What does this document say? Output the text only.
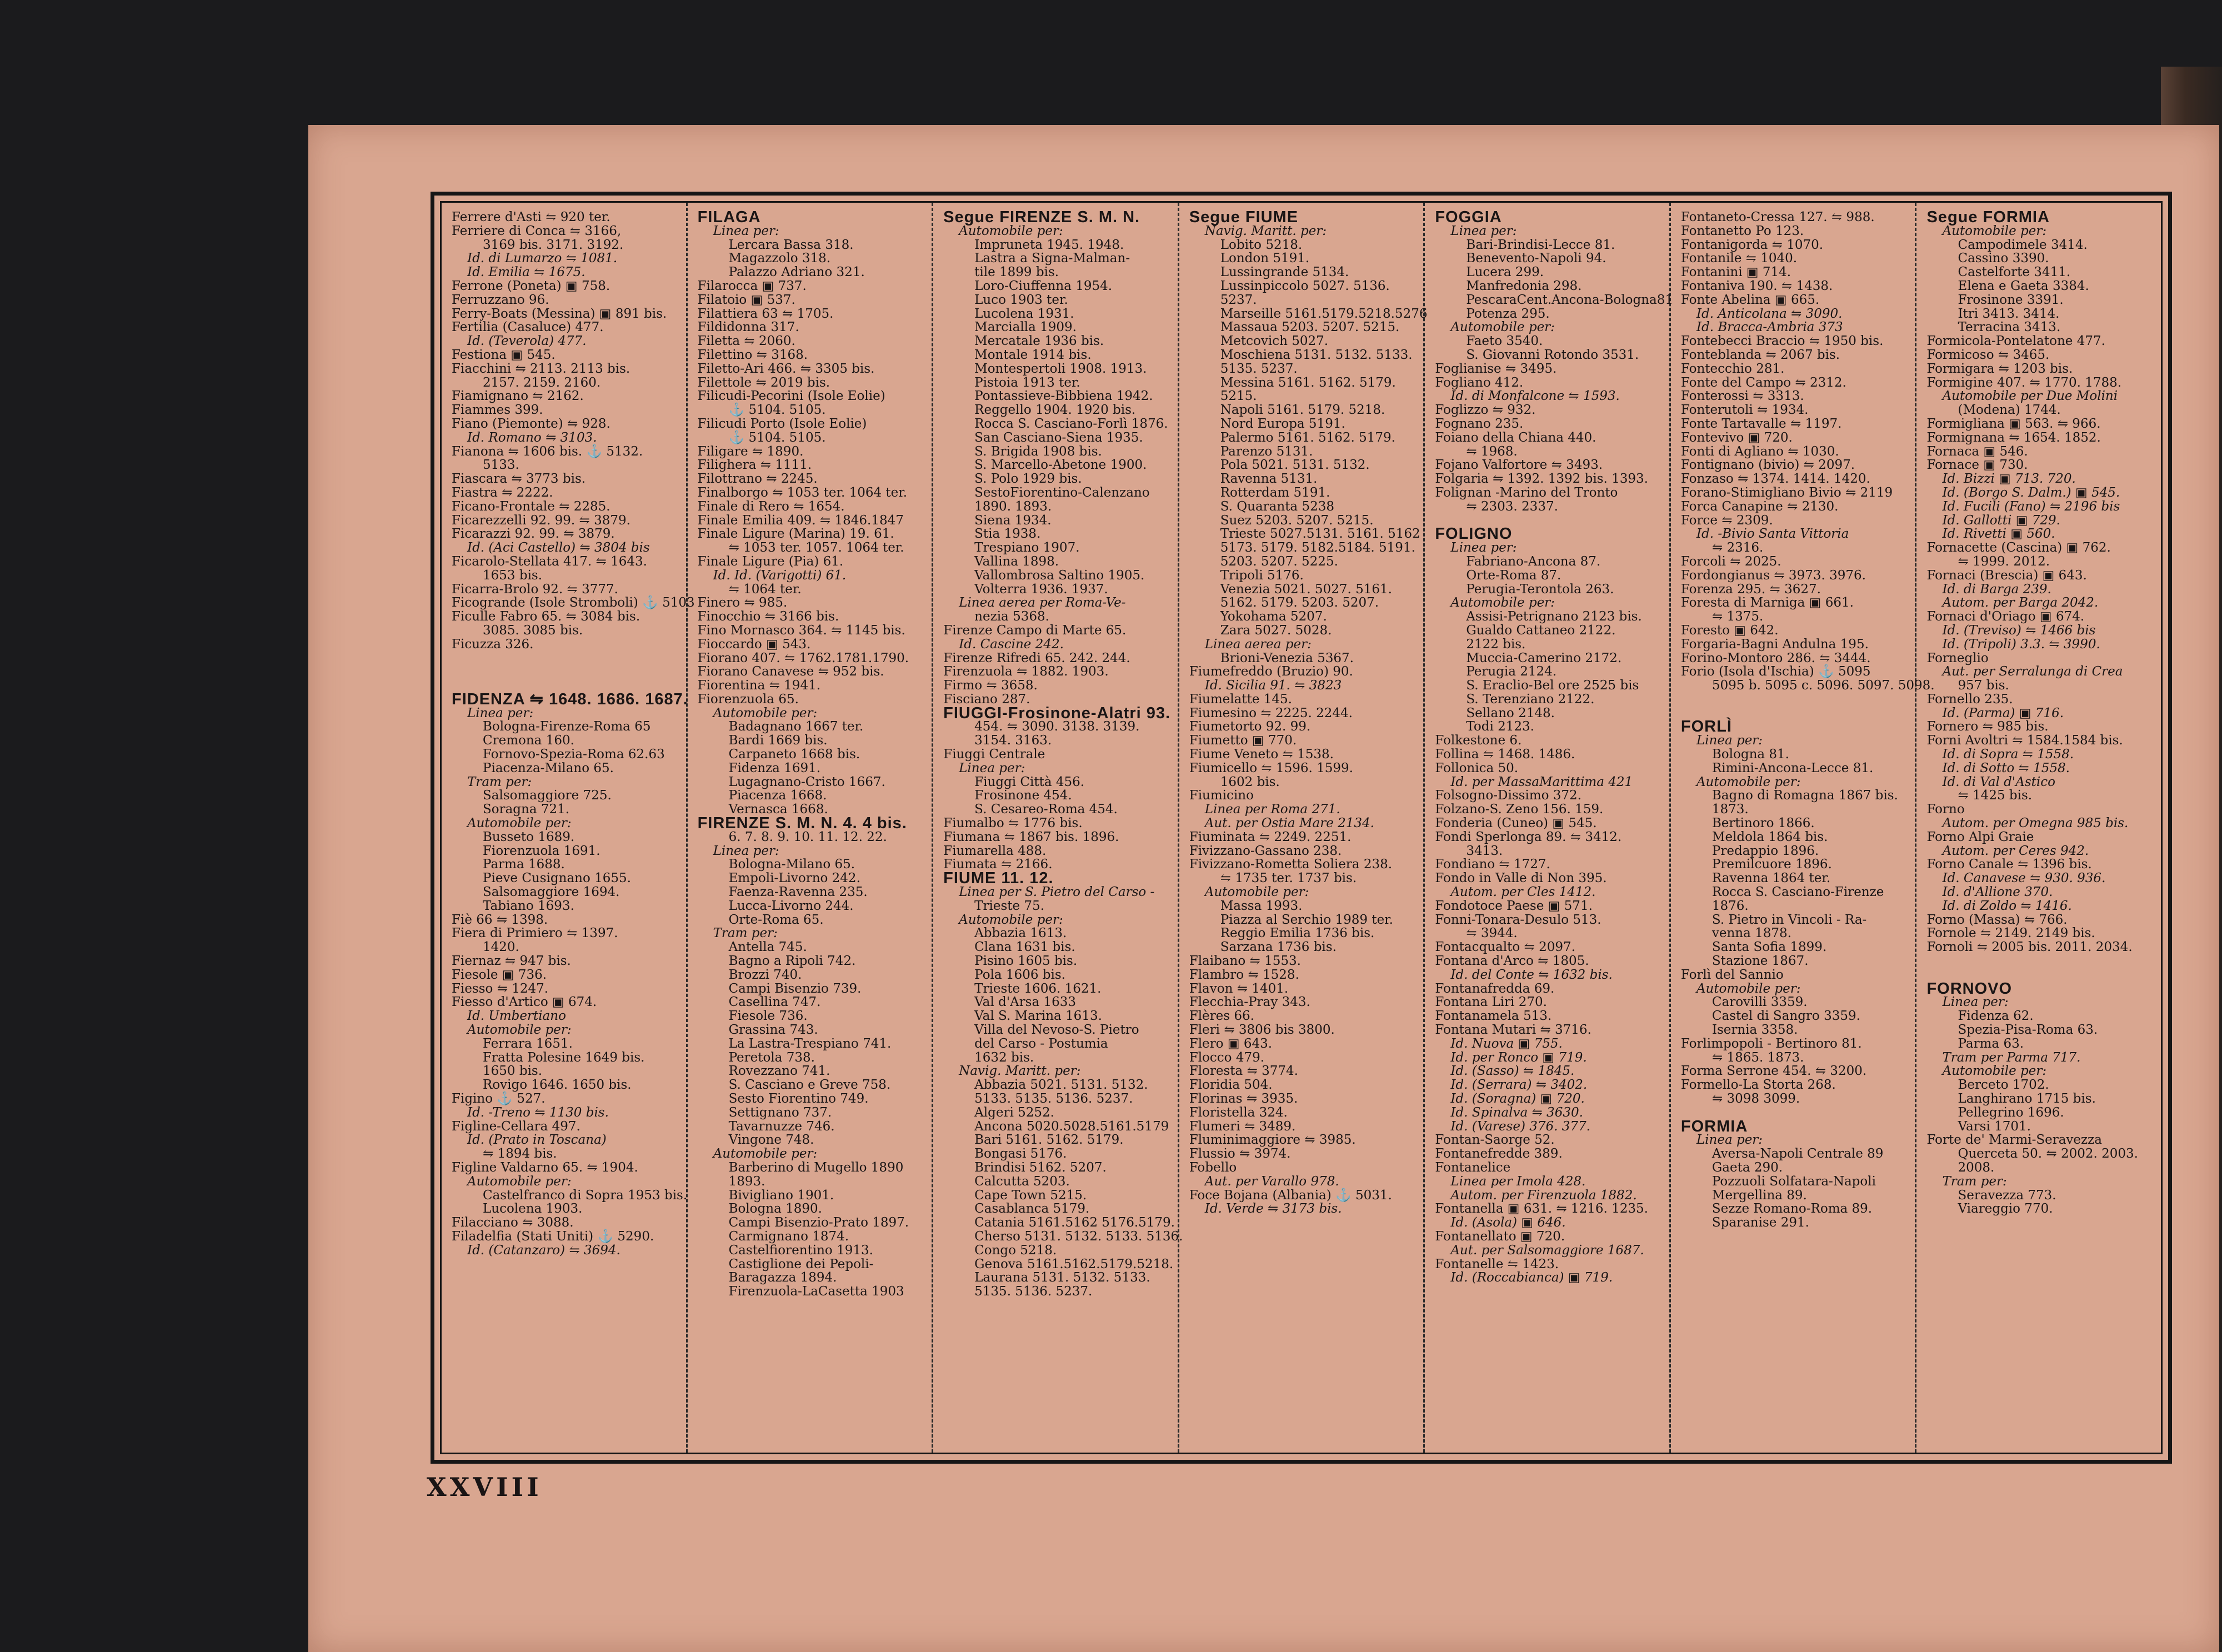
Ferrere d'Asti ⇋ 920 ter.
Ferriere di Conca ⇋ 3166,
3169 bis. 3171. 3192.
Id. di Lumarzo ⇋ 1081.
Id. Emilia ⇋ 1675.
Ferrone (Poneta) ▣ 758.
Ferruzzano 96.
Ferry-Boats (Messina) ▣ 891 bis.
Fertilia (Casaluce) 477.
Id. (Teverola) 477.
Festiona ▣ 545.
Fiacchini ⇋ 2113. 2113 bis.
2157. 2159. 2160.
Fiamignano ⇋ 2162.
Fiammes 399.
Fiano (Piemonte) ⇋ 928.
Id. Romano ⇋ 3103.
Fianona ⇋ 1606 bis. ⚓ 5132.
5133.
Fiascara ⇋ 3773 bis.
Fiastra ⇋ 2222.
Ficano-Frontale ⇋ 2285.
Ficarezzelli 92. 99. ⇋ 3879.
Ficarazzi 92. 99. ⇋ 3879.
Id. (Aci Castello) ⇋ 3804 bis
Ficarolo-Stellata 417. ⇋ 1643.
1653 bis.
Ficarra-Brolo 92. ⇋ 3777.
Ficogrande (Isole Stromboli) ⚓ 5103
Ficulle Fabro 65. ⇋ 3084 bis.
3085. 3085 bis.
Ficuzza 326.
FIDENZA ⇋ 1648. 1686. 1687.
Linea per:
Bologna-Firenze-Roma 65
Cremona 160.
Fornovo-Spezia-Roma 62.63
Piacenza-Milano 65.
Tram per:
Salsomaggiore 725.
Soragna 721.
Automobile per:
Busseto 1689.
Fiorenzuola 1691.
Parma 1688.
Pieve Cusignano 1655.
Salsomaggiore 1694.
Tabiano 1693.
Fiè 66 ⇋ 1398.
Fiera di Primiero ⇋ 1397.
1420.
Fiernaz ⇋ 947 bis.
Fiesole ▣ 736.
Fiesso ⇋ 1247.
Fiesso d'Artico ▣ 674.
Id. Umbertiano
Automobile per:
Ferrara 1651.
Fratta Polesine 1649 bis.
1650 bis.
Rovigo 1646. 1650 bis.
Figino ⚓ 527.
Id. -Treno ⇋ 1130 bis.
Figline-Cellara 497.
Id. (Prato in Toscana)
⇋ 1894 bis.
Figline Valdarno 65. ⇋ 1904.
Automobile per:
Castelfranco di Sopra 1953 bis.
Lucolena 1903.
Filacciano ⇋ 3088.
Filadelfia (Stati Uniti) ⚓ 5290.
Id. (Catanzaro) ⇋ 3694.
FILAGA
Linea per:
Lercara Bassa 318.
Magazzolo 318.
Palazzo Adriano 321.
Filarocca ▣ 737.
Filatoio ▣ 537.
Filattiera 63 ⇋ 1705.
Fildidonna 317.
Filetta ⇋ 2060.
Filettino ⇋ 3168.
Filetto-Ari 466. ⇋ 3305 bis.
Filettole ⇋ 2019 bis.
Filicudi-Pecorini (Isole Eolie)
⚓ 5104. 5105.
Filicudi Porto (Isole Eolie)
⚓ 5104. 5105.
Filigare ⇋ 1890.
Filighera ⇋ 1111.
Filottrano ⇋ 2245.
Finalborgo ⇋ 1053 ter. 1064 ter.
Finale di Rero ⇋ 1654.
Finale Emilia 409. ⇋ 1846.1847
Finale Ligure (Marina) 19. 61.
⇋ 1053 ter. 1057. 1064 ter.
Finale Ligure (Pia) 61.
Id. Id. (Varigotti) 61.
⇋ 1064 ter.
Finero ⇋ 985.
Finocchio ⇋ 3166 bis.
Fino Mornasco 364. ⇋ 1145 bis.
Fioccardo ▣ 543.
Fiorano 407. ⇋ 1762.1781.1790.
Fiorano Canavese ⇋ 952 bis.
Fiorentina ⇋ 1941.
Fiorenzuola 65.
Automobile per:
Badagnano 1667 ter.
Bardi 1669 bis.
Carpaneto 1668 bis.
Fidenza 1691.
Lugagnano-Cristo 1667.
Piacenza 1668.
Vernasca 1668.
FIRENZE S. M. N. 4. 4 bis.
6. 7. 8. 9. 10. 11. 12. 22.
Linea per:
Bologna-Milano 65.
Empoli-Livorno 242.
Faenza-Ravenna 235.
Lucca-Livorno 244.
Orte-Roma 65.
Tram per:
Antella 745.
Bagno a Ripoli 742.
Brozzi 740.
Campi Bisenzio 739.
Casellina 747.
Fiesole 736.
Grassina 743.
La Lastra-Trespiano 741.
Peretola 738.
Rovezzano 741.
S. Casciano e Greve 758.
Sesto Fiorentino 749.
Settignano 737.
Tavarnuzze 746.
Vingone 748.
Automobile per:
Barberino di Mugello 1890
1893.
Bivigliano 1901.
Bologna 1890.
Campi Bisenzio-Prato 1897.
Carmignano 1874.
Castelfiorentino 1913.
Castiglione dei Pepoli-
Baragazza 1894.
Firenzuola-LaCasetta 1903
Segue FIRENZE S. M. N.
Automobile per:
Impruneta 1945. 1948.
Lastra a Signa-Malman-
tile 1899 bis.
Loro-Ciuffenna 1954.
Luco 1903 ter.
Lucolena 1931.
Marcialla 1909.
Mercatale 1936 bis.
Montale 1914 bis.
Montespertoli 1908. 1913.
Pistoia 1913 ter.
Pontassieve-Bibbiena 1942.
Reggello 1904. 1920 bis.
Rocca S. Casciano-Forlì 1876.
San Casciano-Siena 1935.
S. Brigida 1908 bis.
S. Marcello-Abetone 1900.
S. Polo 1929 bis.
SestoFiorentino-Calenzano
1890. 1893.
Siena 1934.
Stia 1938.
Trespiano 1907.
Vallina 1898.
Vallombrosa Saltino 1905.
Volterra 1936. 1937.
Linea aerea per Roma-Ve-
nezia 5368.
Firenze Campo di Marte 65.
Id. Cascine 242.
Firenze Rifredi 65. 242. 244.
Firenzuola ⇋ 1882. 1903.
Firmo ⇋ 3658.
Fisciano 287.
FIUGGI-Frosinone-Alatri 93.
454. ⇋ 3090. 3138. 3139.
3154. 3163.
Fiuggi Centrale
Linea per:
Fiuggi Città 456.
Frosinone 454.
S. Cesareo-Roma 454.
Fiumalbo ⇋ 1776 bis.
Fiumana ⇋ 1867 bis. 1896.
Fiumarella 488.
Fiumata ⇋ 2166.
FIUME 11. 12.
Linea per S. Pietro del Carso -
Trieste 75.
Automobile per:
Abbazia 1613.
Clana 1631 bis.
Pisino 1605 bis.
Pola 1606 bis.
Trieste 1606. 1621.
Val d'Arsa 1633
Val S. Marina 1613.
Villa del Nevoso-S. Pietro
del Carso - Postumia
1632 bis.
Navig. Maritt. per:
Abbazia 5021. 5131. 5132.
5133. 5135. 5136. 5237.
Algeri 5252.
Ancona 5020.5028.5161.5179
Bari 5161. 5162. 5179.
Bongasi 5176.
Brindisi 5162. 5207.
Calcutta 5203.
Cape Town 5215.
Casablanca 5179.
Catania 5161.5162 5176.5179.
Cherso 5131. 5132. 5133. 5136.
Congo 5218.
Genova 5161.5162.5179.5218.
Laurana 5131. 5132. 5133.
5135. 5136. 5237.
Segue FIUME
Navig. Maritt. per:
Lobito 5218.
London 5191.
Lussingrande 5134.
Lussinpiccolo 5027. 5136.
5237.
Marseille 5161.5179.5218.5276
Massaua 5203. 5207. 5215.
Metcovich 5027.
Moschiena 5131. 5132. 5133.
5135. 5237.
Messina 5161. 5162. 5179.
5215.
Napoli 5161. 5179. 5218.
Nord Europa 5191.
Palermo 5161. 5162. 5179.
Parenzo 5131.
Pola 5021. 5131. 5132.
Ravenna 5131.
Rotterdam 5191.
S. Quaranta 5238
Suez 5203. 5207. 5215.
Trieste 5027.5131. 5161. 5162
5173. 5179. 5182.5184. 5191.
5203. 5207. 5225.
Tripoli 5176.
Venezia 5021. 5027. 5161.
5162. 5179. 5203. 5207.
Yokohama 5207.
Zara 5027. 5028.
Linea aerea per:
Brioni-Venezia 5367.
Fiumefreddo (Bruzio) 90.
Id. Sicilia 91. ⇋ 3823
Fiumelatte 145.
Fiumesino ⇋ 2225. 2244.
Fiumetorto 92. 99.
Fiumetto ▣ 770.
Fiume Veneto ⇋ 1538.
Fiumicello ⇋ 1596. 1599.
1602 bis.
Fiumicino
Linea per Roma 271.
Aut. per Ostia Mare 2134.
Fiuminata ⇋ 2249. 2251.
Fivizzano-Gassano 238.
Fivizzano-Rometta Soliera 238.
⇋ 1735 ter. 1737 bis.
Automobile per:
Massa 1993.
Piazza al Serchio 1989 ter.
Reggio Emilia 1736 bis.
Sarzana 1736 bis.
Flaibano ⇋ 1553.
Flambro ⇋ 1528.
Flavon ⇋ 1401.
Flecchia-Pray 343.
Flères 66.
Fleri ⇋ 3806 bis 3800.
Flero ▣ 643.
Flocco 479.
Floresta ⇋ 3774.
Floridia 504.
Florinas ⇋ 3935.
Floristella 324.
Flumeri ⇋ 3489.
Fluminimaggiore ⇋ 3985.
Flussio ⇋ 3974.
Fobello
Aut. per Varallo 978.
Foce Bojana (Albania) ⚓ 5031.
Id. Verde ⇋ 3173 bis.
FOGGIA
Linea per:
Bari-Brindisi-Lecce 81.
Benevento-Napoli 94.
Lucera 299.
Manfredonia 298.
PescaraCent.Ancona-Bologna81
Potenza 295.
Automobile per:
Faeto 3540.
S. Giovanni Rotondo 3531.
Foglianise ⇋ 3495.
Fogliano 412.
Id. di Monfalcone ⇋ 1593.
Foglizzo ⇋ 932.
Fognano 235.
Foiano della Chiana 440.
⇋ 1968.
Fojano Valfortore ⇋ 3493.
Folgaria ⇋ 1392. 1392 bis. 1393.
Folignan -Marino del Tronto
⇋ 2303. 2337.
FOLIGNO
Linea per:
Fabriano-Ancona 87.
Orte-Roma 87.
Perugia-Terontola 263.
Automobile per:
Assisi-Petrignano 2123 bis.
Gualdo Cattaneo 2122.
2122 bis.
Muccia-Camerino 2172.
Perugia 2124.
S. Eraclio-Bel ore 2525 bis
S. Terenziano 2122.
Sellano 2148.
Todi 2123.
Folkestone 6.
Follina ⇋ 1468. 1486.
Follonica 50.
Id. per MassaMarittima 421
Folsogno-Dissimo 372.
Folzano-S. Zeno 156. 159.
Fonderia (Cuneo) ▣ 545.
Fondi Sperlonga 89. ⇋ 3412.
3413.
Fondiano ⇋ 1727.
Fondo in Valle di Non 395.
Autom. per Cles 1412.
Fondotoce Paese ▣ 571.
Fonni-Tonara-Desulo 513.
⇋ 3944.
Fontacqualto ⇋ 2097.
Fontana d'Arco ⇋ 1805.
Id. del Conte ⇋ 1632 bis.
Fontanafredda 69.
Fontana Liri 270.
Fontanamela 513.
Fontana Mutari ⇋ 3716.
Id. Nuova ▣ 755.
Id. per Ronco ▣ 719.
Id. (Sasso) ⇋ 1845.
Id. (Serrara) ⇋ 3402.
Id. (Soragna) ▣ 720.
Id. Spinalva ⇋ 3630.
Id. (Varese) 376. 377.
Fontan-Saorge 52.
Fontanefredde 389.
Fontanelice
Linea per Imola 428.
Autom. per Firenzuola 1882.
Fontanella ▣ 631. ⇋ 1216. 1235.
Id. (Asola) ▣ 646.
Fontanellato ▣ 720.
Aut. per Salsomaggiore 1687.
Fontanelle ⇋ 1423.
Id. (Roccabianca) ▣ 719.
Fontaneto-Cressa 127. ⇋ 988.
Fontanetto Po 123.
Fontanigorda ⇋ 1070.
Fontanile ⇋ 1040.
Fontanini ▣ 714.
Fontaniva 190. ⇋ 1438.
Fonte Abelina ▣ 665.
Id. Anticolana ⇋ 3090.
Id. Bracca-Ambria 373
Fontebecci Braccio ⇋ 1950 bis.
Fonteblanda ⇋ 2067 bis.
Fontecchio 281.
Fonte del Campo ⇋ 2312.
Fonterossi ⇋ 3313.
Fonterutoli ⇋ 1934.
Fonte Tartavalle ⇋ 1197.
Fontevivo ▣ 720.
Fonti di Agliano ⇋ 1030.
Fontignano (bivio) ⇋ 2097.
Fonzaso ⇋ 1374. 1414. 1420.
Forano-Stimigliano Bivio ⇋ 2119
Forca Canapine ⇋ 2130.
Force ⇋ 2309.
Id. -Bivio Santa Vittoria
⇋ 2316.
Forcoli ⇋ 2025.
Fordongianus ⇋ 3973. 3976.
Forenza 295. ⇋ 3627.
Foresta di Marniga ▣ 661.
⇋ 1375.
Foresto ▣ 642.
Forgaria-Bagni Andulna 195.
Forino-Montoro 286. ⇋ 3444.
Forio (Isola d'Ischia) ⚓ 5095
5095 b. 5095 c. 5096. 5097. 5098.
FORLÌ
Linea per:
Bologna 81.
Rimini-Ancona-Lecce 81.
Automobile per:
Bagno di Romagna 1867 bis.
1873.
Bertinoro 1866.
Meldola 1864 bis.
Predappio 1896.
Premilcuore 1896.
Ravenna 1864 ter.
Rocca S. Casciano-Firenze
1876.
S. Pietro in Vincoli - Ra-
venna 1878.
Santa Sofia 1899.
Stazione 1867.
Forlì del Sannio
Automobile per:
Carovilli 3359.
Castel di Sangro 3359.
Isernia 3358.
Forlimpopoli - Bertinoro 81.
⇋ 1865. 1873.
Forma Serrone 454. ⇋ 3200.
Formello-La Storta 268.
⇋ 3098 3099.
FORMIA
Linea per:
Aversa-Napoli Centrale 89
Gaeta 290.
Pozzuoli Solfatara-Napoli
Mergellina 89.
Sezze Romano-Roma 89.
Sparanise 291.
Segue FORMIA
Automobile per:
Campodimele 3414.
Cassino 3390.
Castelforte 3411.
Elena e Gaeta 3384.
Frosinone 3391.
Itri 3413. 3414.
Terracina 3413.
Formicola-Pontelatone 477.
Formicoso ⇋ 3465.
Formigara ⇋ 1203 bis.
Formigine 407. ⇋ 1770. 1788.
Automobile per Due Molini
(Modena) 1744.
Formigliana ▣ 563. ⇋ 966.
Formignana ⇋ 1654. 1852.
Fornaca ▣ 546.
Fornace ▣ 730.
Id. Bizzi ▣ 713. 720.
Id. (Borgo S. Dalm.) ▣ 545.
Id. Fucili (Fano) ⇋ 2196 bis
Id. Gallotti ▣ 729.
Id. Rivetti ▣ 560.
Fornacette (Cascina) ▣ 762.
⇋ 1999. 2012.
Fornaci (Brescia) ▣ 643.
Id. di Barga 239.
Autom. per Barga 2042.
Fornaci d'Oriago ▣ 674.
Id. (Treviso) ⇋ 1466 bis
Id. (Tripoli) 3.3. ⇋ 3990.
Forneglio
Aut. per Serralunga di Crea
957 bis.
Fornello 235.
Id. (Parma) ▣ 716.
Fornero ⇋ 985 bis.
Forni Avoltri ⇋ 1584.1584 bis.
Id. di Sopra ⇋ 1558.
Id. di Sotto ⇋ 1558.
Id. di Val d'Astico
⇋ 1425 bis.
Forno
Autom. per Omegna 985 bis.
Forno Alpi Graie
Autom. per Ceres 942.
Forno Canale ⇋ 1396 bis.
Id. Canavese ⇋ 930. 936.
Id. d'Allione 370.
Id. di Zoldo ⇋ 1416.
Forno (Massa) ⇋ 766.
Fornole ⇋ 2149. 2149 bis.
Fornoli ⇋ 2005 bis. 2011. 2034.
FORNOVO
Linea per:
Fidenza 62.
Spezia-Pisa-Roma 63.
Parma 63.
Tram per Parma 717.
Automobile per:
Berceto 1702.
Langhirano 1715 bis.
Pellegrino 1696.
Varsi 1701.
Forte de' Marmi-Seravezza
Querceta 50. ⇋ 2002. 2003.
2008.
Tram per:
Seravezza 773.
Viareggio 770.
XXVIII
